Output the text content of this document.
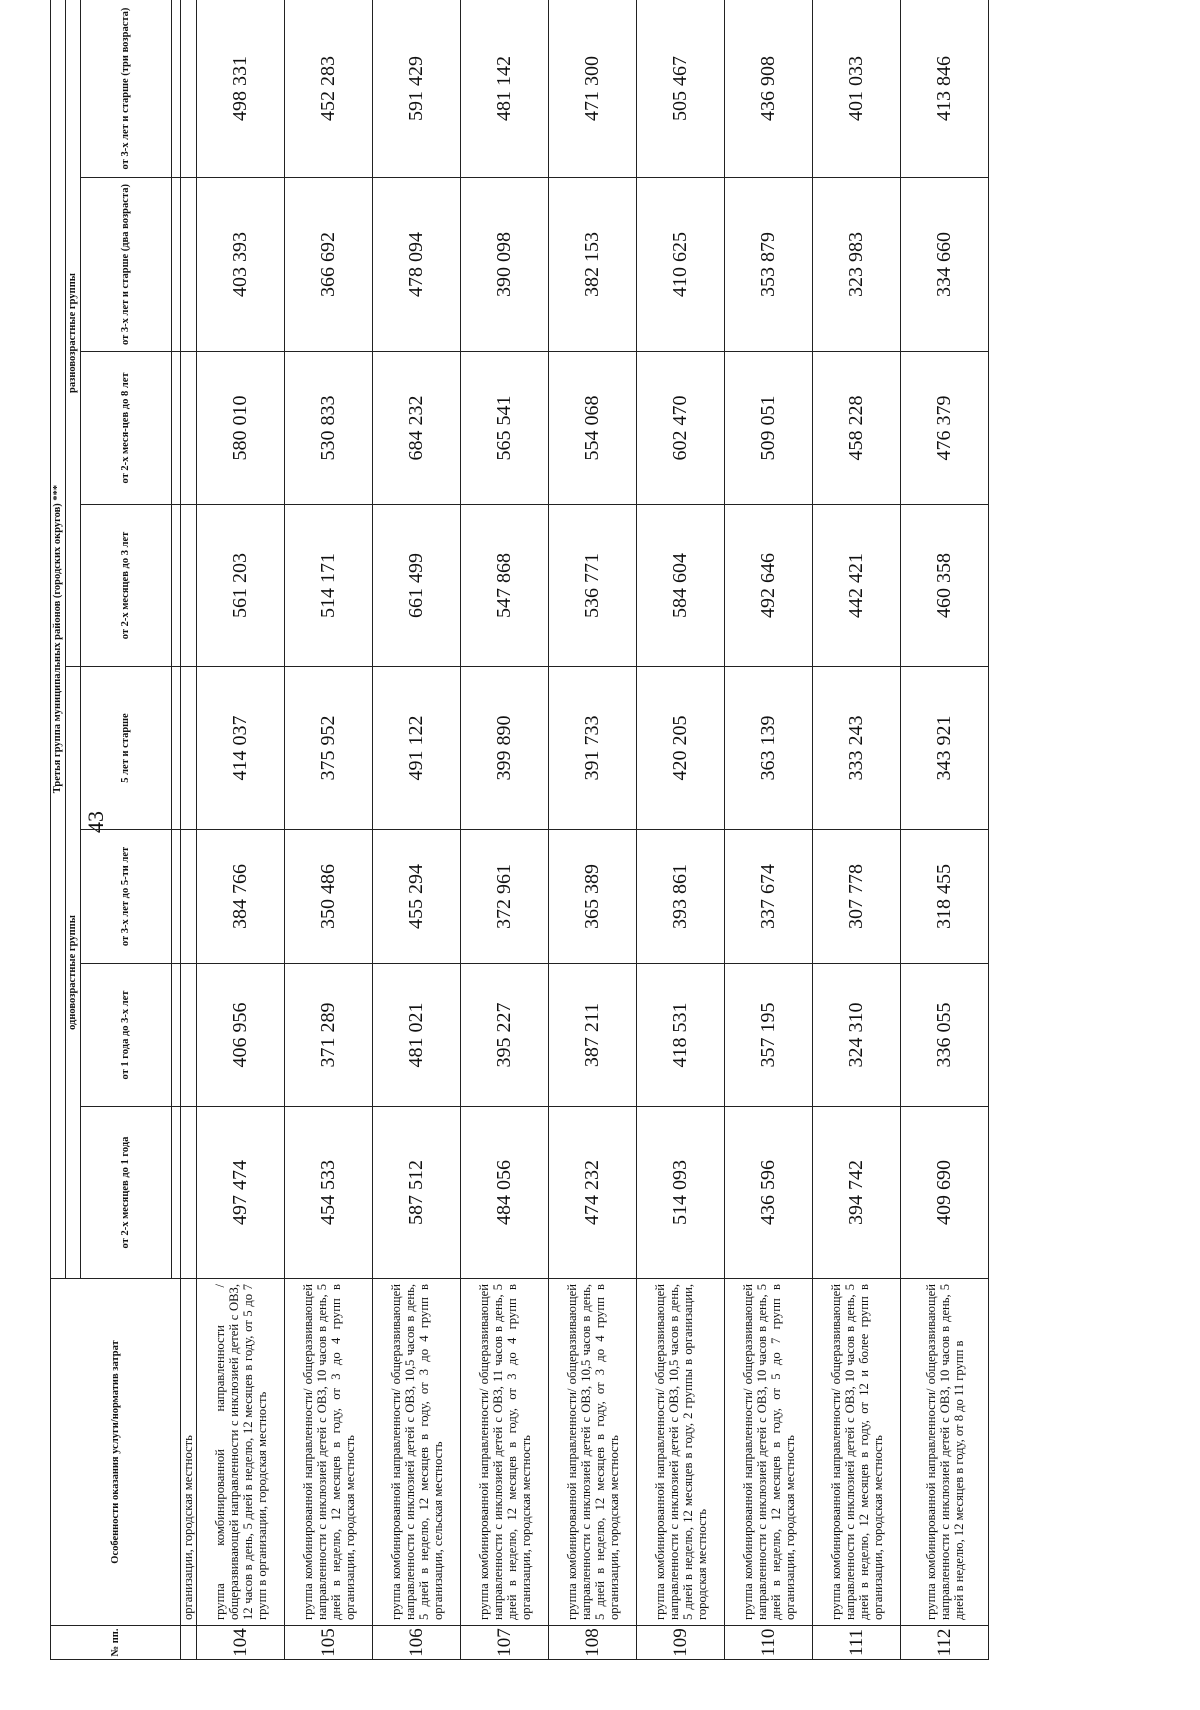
43
№ пп.	Особенности оказания услуги/норматив затрат	Третья группа муниципальных районов (городских округов) ***							
		одновозрастные группы				разновозрастные группы			
		от 2-х месяцев до 1 года	от 1 года до 3-х лет	от 3-х лет до 5-ти лет	5 лет и старше	от 2-х месяцев до 3 лет	от 2-х меся-цев до 8 лет	от 3-х лет и старше (два возраста)	от 3-х лет и старше (три возраста)

	организации, городская местность								
104	группа комбинированной направленности / общеразвивающей направленности с инклюзией детей с ОВЗ, 12 часов в день, 5 дней в неделю, 12 месяцев в году, от 5 до 7 групп в организации, городская местность	497 474	406 956	384 766	414 037	561 203	580 010	403 393	498 331
105	группа комбинированной направленности/ общеразвивающей направленности с инклюзией детей с ОВЗ, 10 часов в день, 5 дней в неделю, 12 месяцев в году, от 3 до 4 групп в организации, городская местность	454 533	371 289	350 486	375 952	514 171	530 833	366 692	452 283
106	группа комбинированной направленности/ общеразвивающей направленности с инклюзией детей с ОВЗ, 10,5 часов в день, 5 дней в неделю, 12 месяцев в году, от 3 до 4 групп в организации, сельская местность	587 512	481 021	455 294	491 122	661 499	684 232	478 094	591 429
107	группа комбинированной направленности/ общеразвивающей направленности с инклюзией детей с ОВЗ, 11 часов в день, 5 дней в неделю, 12 месяцев в году, от 3 до 4 групп в организации, городская местность	484 056	395 227	372 961	399 890	547 868	565 541	390 098	481 142
108	группа комбинированной направленности/ общеразвивающей направленности с инклюзией детей с ОВЗ, 10,5 часов в день, 5 дней в неделю, 12 месяцев в году, от 3 до 4 групп в организации, городская местность	474 232	387 211	365 389	391 733	536 771	554 068	382 153	471 300
109	группа комбинированной направленности/ общеразвивающей направленности с инклюзией детей с ОВЗ, 10,5 часов в день, 5 дней в неделю, 12 месяцев в году, 2 группы в организации, городская местность	514 093	418 531	393 861	420 205	584 604	602 470	410 625	505 467
110	группа комбинированной направленности/ общеразвивающей направленности с инклюзией детей с ОВЗ, 10 часов в день, 5 дней в неделю, 12 месяцев в году, от 5 до 7 групп в организации, городская местность	436 596	357 195	337 674	363 139	492 646	509 051	353 879	436 908
111	группа комбинированной направленности/ общеразвивающей направленности с инклюзией детей с ОВЗ, 10 часов в день, 5 дней в неделю, 12 месяцев в году, от 12 и более групп в организации, городская местность	394 742	324 310	307 778	333 243	442 421	458 228	323 983	401 033
112	группа комбинированной направленности/ общеразвивающей направленности с инклюзией детей с ОВЗ, 10 часов в день, 5 дней в неделю, 12 месяцев в году, от 8 до 11 групп в	409 690	336 055	318 455	343 921	460 358	476 379	334 660	413 846
